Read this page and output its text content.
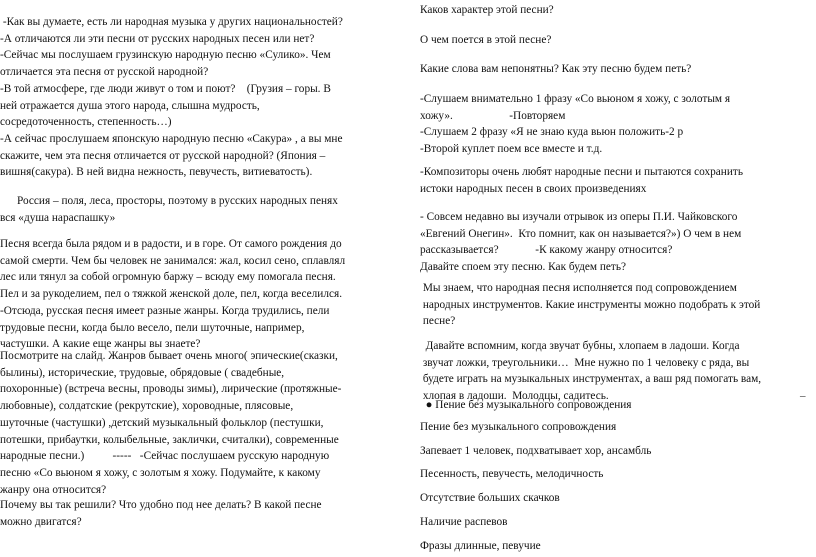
-Как вы думаете, есть ли народная музыка у других национальностей?
-А отличаются ли эти песни от русских народных песен или нет?
-Сейчас мы послушаем грузинскую народную песню «Сулико». Чем
отличается эта песня от русской народной?
-В той атмосфере, где люди живут о том и поют?    (Грузия – горы. В
ней отражается душа этого народа, слышна мудрость,
сосредоточенность, степенность…)
-А сейчас прослушаем японскую народную песню «Сакура» , а вы мне
скажите, чем эта песня отличается от русской народной? (Япония –
вишня(сакура). В ней видна нежность, певучесть, витиеватость).
Россия – поля, леса, просторы, поэтому в русских народных пенях
вся «душа нараспашку»
Песня всегда была рядом и в радости, и в горе. От самого рождения до
самой смерти. Чем бы человек не занимался: жал, косил сено, сплавлял
лес или тянул за собой огромную баржу – всюду ему помогала песня.
Пел и за рукоделием, пел о тяжкой женской доле, пел, когда веселился.
-Отсюда, русская песня имеет разные жанры. Когда трудились, пели
трудовые песни, когда было весело, пели шуточные, например,
частушки. А какие еще жанры вы знаете?
Посмотрите на слайд. Жанров бывает очень много( эпические(сказки,
былины), исторические, трудовые, обрядовые ( свадебные,
похоронные) (встреча весны, проводы зимы), лирические (протяжные-
любовные), солдатские (рекрутские), хороводные, плясовые,
шуточные (частушки) ,детский музыкальный фольклор (пестушки,
потешки, прибаутки, колыбельные, заклички, считалки), современные
народные песни.)          -----   -Сейчас послушаем русскую народную
песню «Со вьюном я хожу, с золотым я хожу. Подумайте, к какому
жанру она относится?
Почему вы так решили? Что удобно под нее делать? В какой песне
можно двигатся?
Каков характер этой песни?
О чем поется в этой песне?
Какие слова вам непонятны? Как эту песню будем петь?
-Слушаем внимательно 1 фразу «Со вьюном я хожу, с золотым я
хожу».                    -Повторяем
-Слушаем 2 фразу «Я не знаю куда вьюн положить-2 р
-Второй куплет поем все вместе и т.д.
-Композиторы очень любят народные песни и пытаются сохранить
истоки народных песен в своих произведениях
- Совсем недавно вы изучали отрывок из оперы П.И. Чайковского
«Евгений Онегин».  Кто помнит, как он называется?») О чем в нем
рассказывается?             -К какому жанру относится?
Давайте споем эту песню. Как будем петь?
Мы знаем, что народная песня исполняется под сопровождением
народных инструментов. Какие инструменты можно подобрать к этой
песне?
Давайте вспомним, когда звучат бубны, хлопаем в ладоши. Когда
звучат ложки, треугольники…  Мне нужно по 1 человеку с ряда, вы
будете играть на музыкальных инструментах, а ваш ряд помогать вам,
хлопая в ладоши.  Молодцы, садитесь.
● Пение без музыкального сопровождения
Пение без музыкального сопровождения
Запевает 1 человек, подхватывает хор, ансамбль
Песенность, певучесть, мелодичность
Отсутствие больших скачков
Наличие распевов
Фразы длинные, певучие
_
